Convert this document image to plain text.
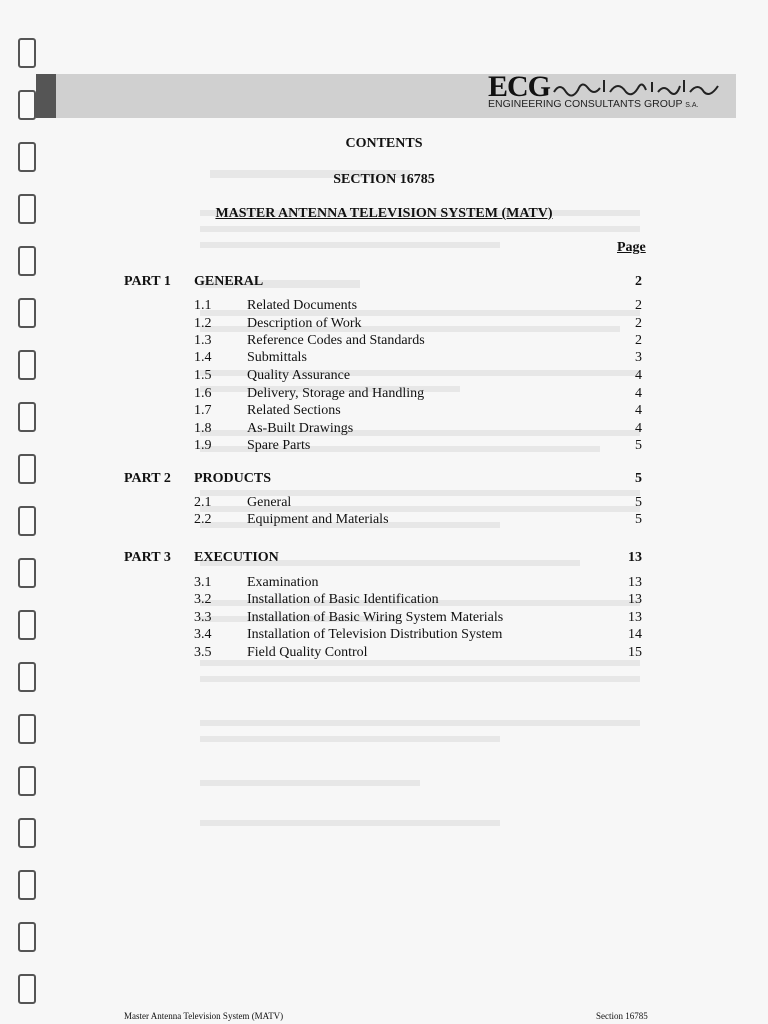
ECG
ENGINEERING CONSULTANTS GROUP S.A.
CONTENTS
SECTION 16785
MASTER ANTENNA TELEVISION SYSTEM (MATV)
Page
PART 1 GENERAL	2
1.1	Related Documents	2
1.2	Description of Work	2
1.3	Reference Codes and Standards	2
1.4	Submittals	3
1.5	Quality Assurance	4
1.6	Delivery, Storage and Handling	4
1.7	Related Sections	4
1.8	As-Built Drawings	4
1.9	Spare Parts	5
PART 2 PRODUCTS	5
2.1	General	5
2.2	Equipment and Materials	5
PART 3 EXECUTION	13
3.1	Examination	13
3.2	Installation of Basic Identification	13
3.3	Installation of Basic Wiring System Materials	13
3.4	Installation of Television Distribution System	14
3.5	Field Quality Control	15
Master Antenna Television System (MATV)	Section 16785
